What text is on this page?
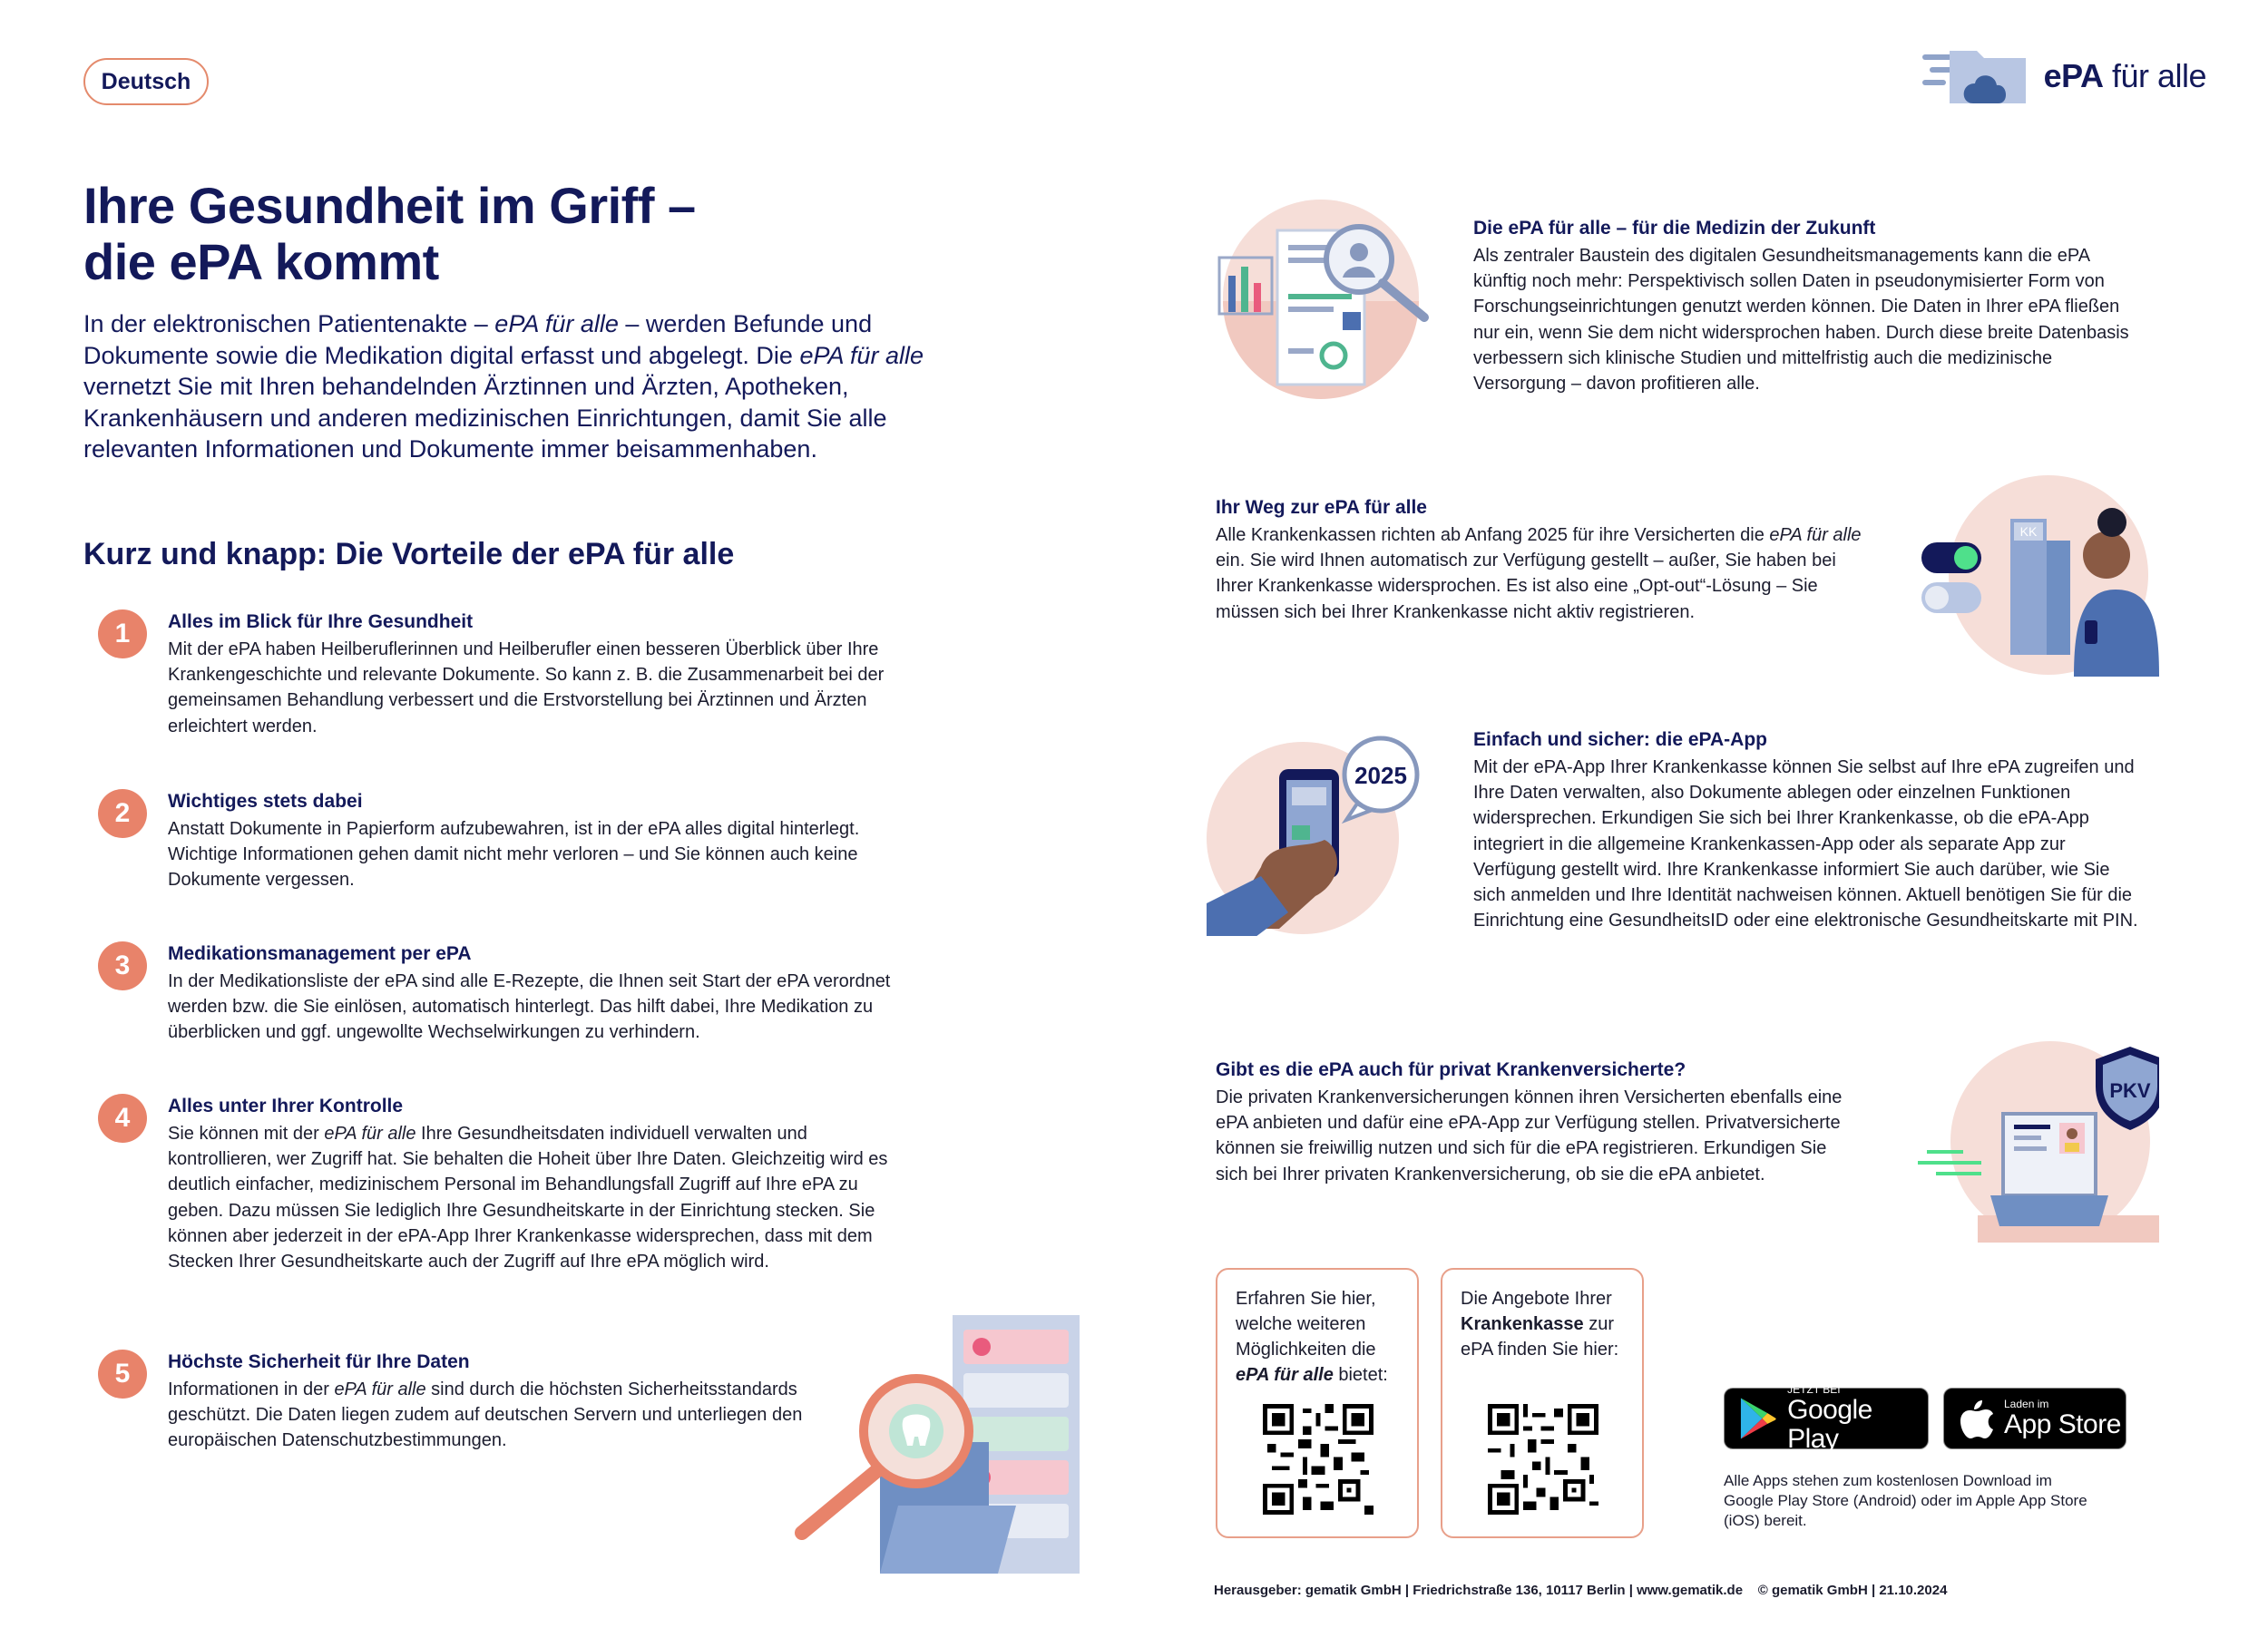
Deutsch	ePA für alle
Ihre Gesundheit im Griff –
die ePA kommt

In der elektronischen Patientenakte – ePA für alle – werden Befunde und Dokumente sowie die Medikation digital erfasst und abgelegt. Die ePA für alle vernetzt Sie mit Ihren behandelnden Ärztinnen und Ärzten, Apotheken, Krankenhäusern und anderen medizinischen Einrichtungen, damit Sie alle relevanten Informationen und Dokumente immer beisammenhaben.

Kurz und knapp: Die Vorteile der ePA für alle
1	Alles im Blick für Ihre Gesundheit

Mit der ePA haben Heilberuflerinnen und Heilberufler einen besseren Überblick über Ihre Krankengeschichte und relevante Dokumente. So kann z. B. die Zusammenarbeit bei der gemeinsamen Behandlung verbessert und die Erstvorstellung bei Ärztinnen und Ärzten erleichtert werden.

2	Wichtiges stets dabei

Anstatt Dokumente in Papierform aufzubewahren, ist in der ePA alles digital hinterlegt. Wichtige Informationen gehen damit nicht mehr verloren – und Sie können auch keine Dokumente vergessen.

3	Medikationsmanagement per ePA

In der Medikationsliste der ePA sind alle E-Rezepte, die Ihnen seit Start der ePA verordnet werden bzw. die Sie einlösen, automatisch hinterlegt. Das hilft dabei, Ihre Medikation zu überblicken und ggf. ungewollte Wechselwirkungen zu verhindern.

4	Alles unter Ihrer Kontrolle

Sie können mit der ePA für alle Ihre Gesundheitsdaten individuell verwalten und kontrollieren, wer Zugriff hat. Sie behalten die Hoheit über Ihre Daten. Gleichzeitig wird es deutlich einfacher, medizinischem Personal im Behandlungsfall Zugriff auf Ihre ePA zu geben. Dazu müssen Sie lediglich Ihre Gesundheitskarte in der Einrichtung stecken. Sie können aber jederzeit in der ePA-App Ihrer Krankenkasse widersprechen, dass mit dem Stecken Ihrer Gesundheitskarte auch der Zugriff auf Ihre ePA möglich wird.

5	Höchste Sicherheit für Ihre Daten

Informationen in der ePA für alle sind durch die höchsten Sicherheitsstandards geschützt. Die Daten liegen zudem auf deutschen Servern und unterliegen den europäischen Datenschutzbestimmungen.

KK
2025
PKV
Die ePA für alle – für die Medizin der Zukunft

Als zentraler Baustein des digitalen Gesundheitsmanagements kann die ePA künftig noch mehr: Perspektivisch sollen Daten in pseudonymisierter Form von Forschungseinrichtungen genutzt werden können. Die Daten in Ihrer ePA fließen nur ein, wenn Sie dem nicht widersprochen haben. Durch diese breite Datenbasis verbessern sich klinische Studien und mittelfristig auch die medizinische Versorgung – davon profitieren alle.

Ihr Weg zur ePA für alle

Alle Krankenkassen richten ab Anfang 2025 für ihre Versicherten die ePA für alle ein. Sie wird Ihnen automatisch zur Verfügung gestellt – außer, Sie haben bei Ihrer Krankenkasse widersprochen. Es ist also eine „Opt-out“-Lösung – Sie müssen sich bei Ihrer Krankenkasse nicht aktiv registrieren.

Einfach und sicher: die ePA-App

Mit der ePA-App Ihrer Krankenkasse können Sie selbst auf Ihre ePA zugreifen und Ihre Daten verwalten, also Dokumente ablegen oder einzelnen Funktionen widersprechen. Erkundigen Sie sich bei Ihrer Krankenkasse, ob die ePA-App integriert in die allgemeine Krankenkassen-App oder als separate App zur Verfügung gestellt wird. Ihre Krankenkasse informiert Sie auch darüber, wie Sie sich anmelden und Ihre Identität nachweisen können. Aktuell benötigen Sie für die Einrichtung eine GesundheitsID oder eine elektronische Gesundheitskarte mit PIN.

Gibt es die ePA auch für privat Krankenversicherte?

Die privaten Krankenversicherungen können ihren Versicherten ebenfalls eine ePA anbieten und dafür eine ePA-App zur Verfügung stellen. Privatversicherte können sie freiwillig nutzen und sich für die ePA registrieren. Erkundigen Sie sich bei Ihrer privaten Krankenversicherung, ob sie die ePA anbietet.

Erfahren Sie hier,
welche weiteren
Möglichkeiten die
ePA für alle bietet:
Die Angebote Ihrer
Krankenkasse zur
ePA finden Sie hier:
JETZT BEI
Google Play
Laden im
App Store
Alle Apps stehen zum kostenlosen Download im Google Play Store (Android) oder im Apple App Store (iOS) bereit.
Herausgeber: gematik GmbH | Friedrichstraße 136, 10117 Berlin | www.gematik.de    © gematik GmbH | 21.10.2024
